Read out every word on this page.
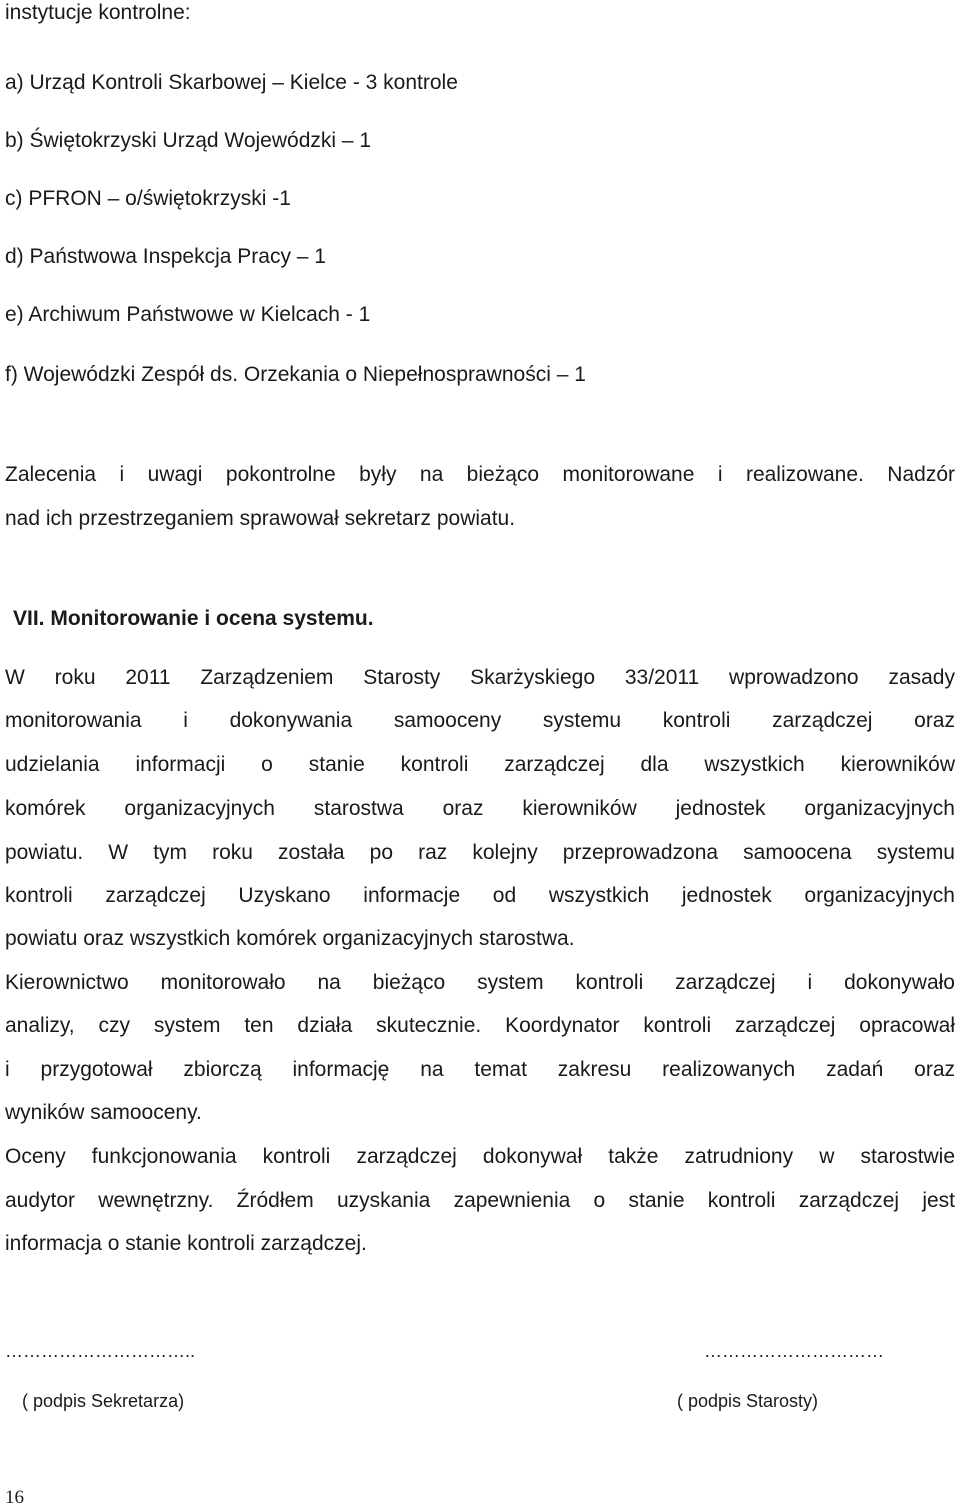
instytucje kontrolne:
a) Urząd Kontroli Skarbowej – Kielce - 3 kontrole
b) Świętokrzyski Urząd Wojewódzki – 1
c) PFRON – o/świętokrzyski -1
d) Państwowa Inspekcja Pracy – 1
e) Archiwum Państwowe w Kielcach - 1
f) Wojewódzki Zespół ds. Orzekania o Niepełnosprawności – 1
Zalecenia i uwagi pokontrolne były na bieżąco monitorowane i realizowane. Nadzór
nad ich przestrzeganiem sprawował sekretarz powiatu.
VII. Monitorowanie i ocena systemu.
W roku 2011 Zarządzeniem Starosty Skarżyskiego 33/2011 wprowadzono zasady
monitorowania i dokonywania samooceny systemu kontroli zarządczej oraz
udzielania informacji o stanie kontroli zarządczej dla wszystkich kierowników
komórek organizacyjnych starostwa oraz kierowników jednostek organizacyjnych
powiatu. W tym roku została po raz kolejny przeprowadzona samoocena systemu
kontroli zarządczej Uzyskano informacje od wszystkich jednostek organizacyjnych
powiatu oraz wszystkich komórek organizacyjnych starostwa.
Kierownictwo monitorowało na bieżąco system kontroli zarządczej i dokonywało
analizy, czy system ten działa skutecznie. Koordynator kontroli zarządczej opracował
i przygotował zbiorczą informację na temat zakresu realizowanych zadań oraz
wyników samooceny.
Oceny funkcjonowania kontroli zarządczej dokonywał także zatrudniony w starostwie
audytor wewnętrzny. Źródłem uzyskania zapewnienia o stanie kontroli zarządczej jest
informacja o stanie kontroli zarządczej.
…………………………..	…………………………
( podpis Sekretarza)	( podpis Starosty)
16
